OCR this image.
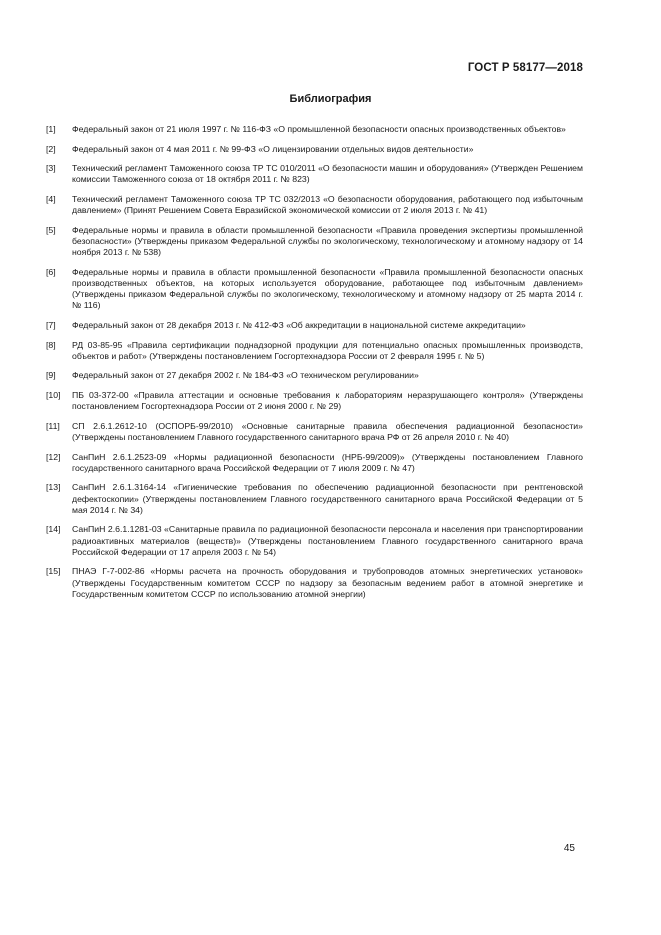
ГОСТ Р 58177—2018
Библиография
[1] Федеральный закон от 21 июля 1997 г. № 116-ФЗ «О промышленной безопасности опасных производственных объектов»
[2] Федеральный закон от 4 мая 2011 г. № 99-ФЗ «О лицензировании отдельных видов деятельности»
[3] Технический регламент Таможенного союза ТР ТС 010/2011 «О безопасности машин и оборудования» (Утвержден Решением комиссии Таможенного союза от 18 октября 2011 г. № 823)
[4] Технический регламент Таможенного союза ТР ТС 032/2013 «О безопасности оборудования, работающего под избыточным давлением» (Принят Решением Совета Евразийской экономической комиссии от 2 июля 2013 г. № 41)
[5] Федеральные нормы и правила в области промышленной безопасности «Правила проведения экспертизы промышленной безопасности» (Утверждены приказом Федеральной службы по экологическому, технологическому и атомному надзору от 14 ноября 2013 г. № 538)
[6] Федеральные нормы и правила в области промышленной безопасности «Правила промышленной безопасности опасных производственных объектов, на которых используется оборудование, работающее под избыточным давлением» (Утверждены приказом Федеральной службы по экологическому, технологическому и атомному надзору от 25 марта 2014 г. № 116)
[7] Федеральный закон от 28 декабря 2013 г. № 412-ФЗ «Об аккредитации в национальной системе аккредитации»
[8] РД 03-85-95 «Правила сертификации поднадзорной продукции для потенциально опасных промышленных производств, объектов и работ» (Утверждены постановлением Госгортехнадзора России от 2 февраля 1995 г. № 5)
[9] Федеральный закон от 27 декабря 2002 г. № 184-ФЗ «О техническом регулировании»
[10] ПБ 03-372-00 «Правила аттестации и основные требования к лабораториям неразрушающего контроля» (Утверждены постановлением Госгортехнадзора России от 2 июня 2000 г. № 29)
[11] СП 2.6.1.2612-10 (ОСПОРБ-99/2010) «Основные санитарные правила обеспечения радиационной безопасности» (Утверждены постановлением Главного государственного санитарного врача РФ от 26 апреля 2010 г. № 40)
[12] СанПиН 2.6.1.2523-09 «Нормы радиационной безопасности (НРБ-99/2009)» (Утверждены постановлением Главного государственного санитарного врача Российской Федерации от 7 июля 2009 г. № 47)
[13] СанПиН 2.6.1.3164-14 «Гигиенические требования по обеспечению радиационной безопасности при рентгеновской дефектоскопии» (Утверждены постановлением Главного государственного санитарного врача Российской Федерации от 5 мая 2014 г. № 34)
[14] СанПиН 2.6.1.1281-03 «Санитарные правила по радиационной безопасности персонала и населения при транспортировании радиоактивных материалов (веществ)» (Утверждены постановлением Главного государственного санитарного врача Российской Федерации от 17 апреля 2003 г. № 54)
[15] ПНАЭ Г-7-002-86 «Нормы расчета на прочность оборудования и трубопроводов атомных энергетических установок» (Утверждены Государственным комитетом СССР по надзору за безопасным ведением работ в атомной энергетике и Государственным комитетом СССР по использованию атомной энергии)
45
